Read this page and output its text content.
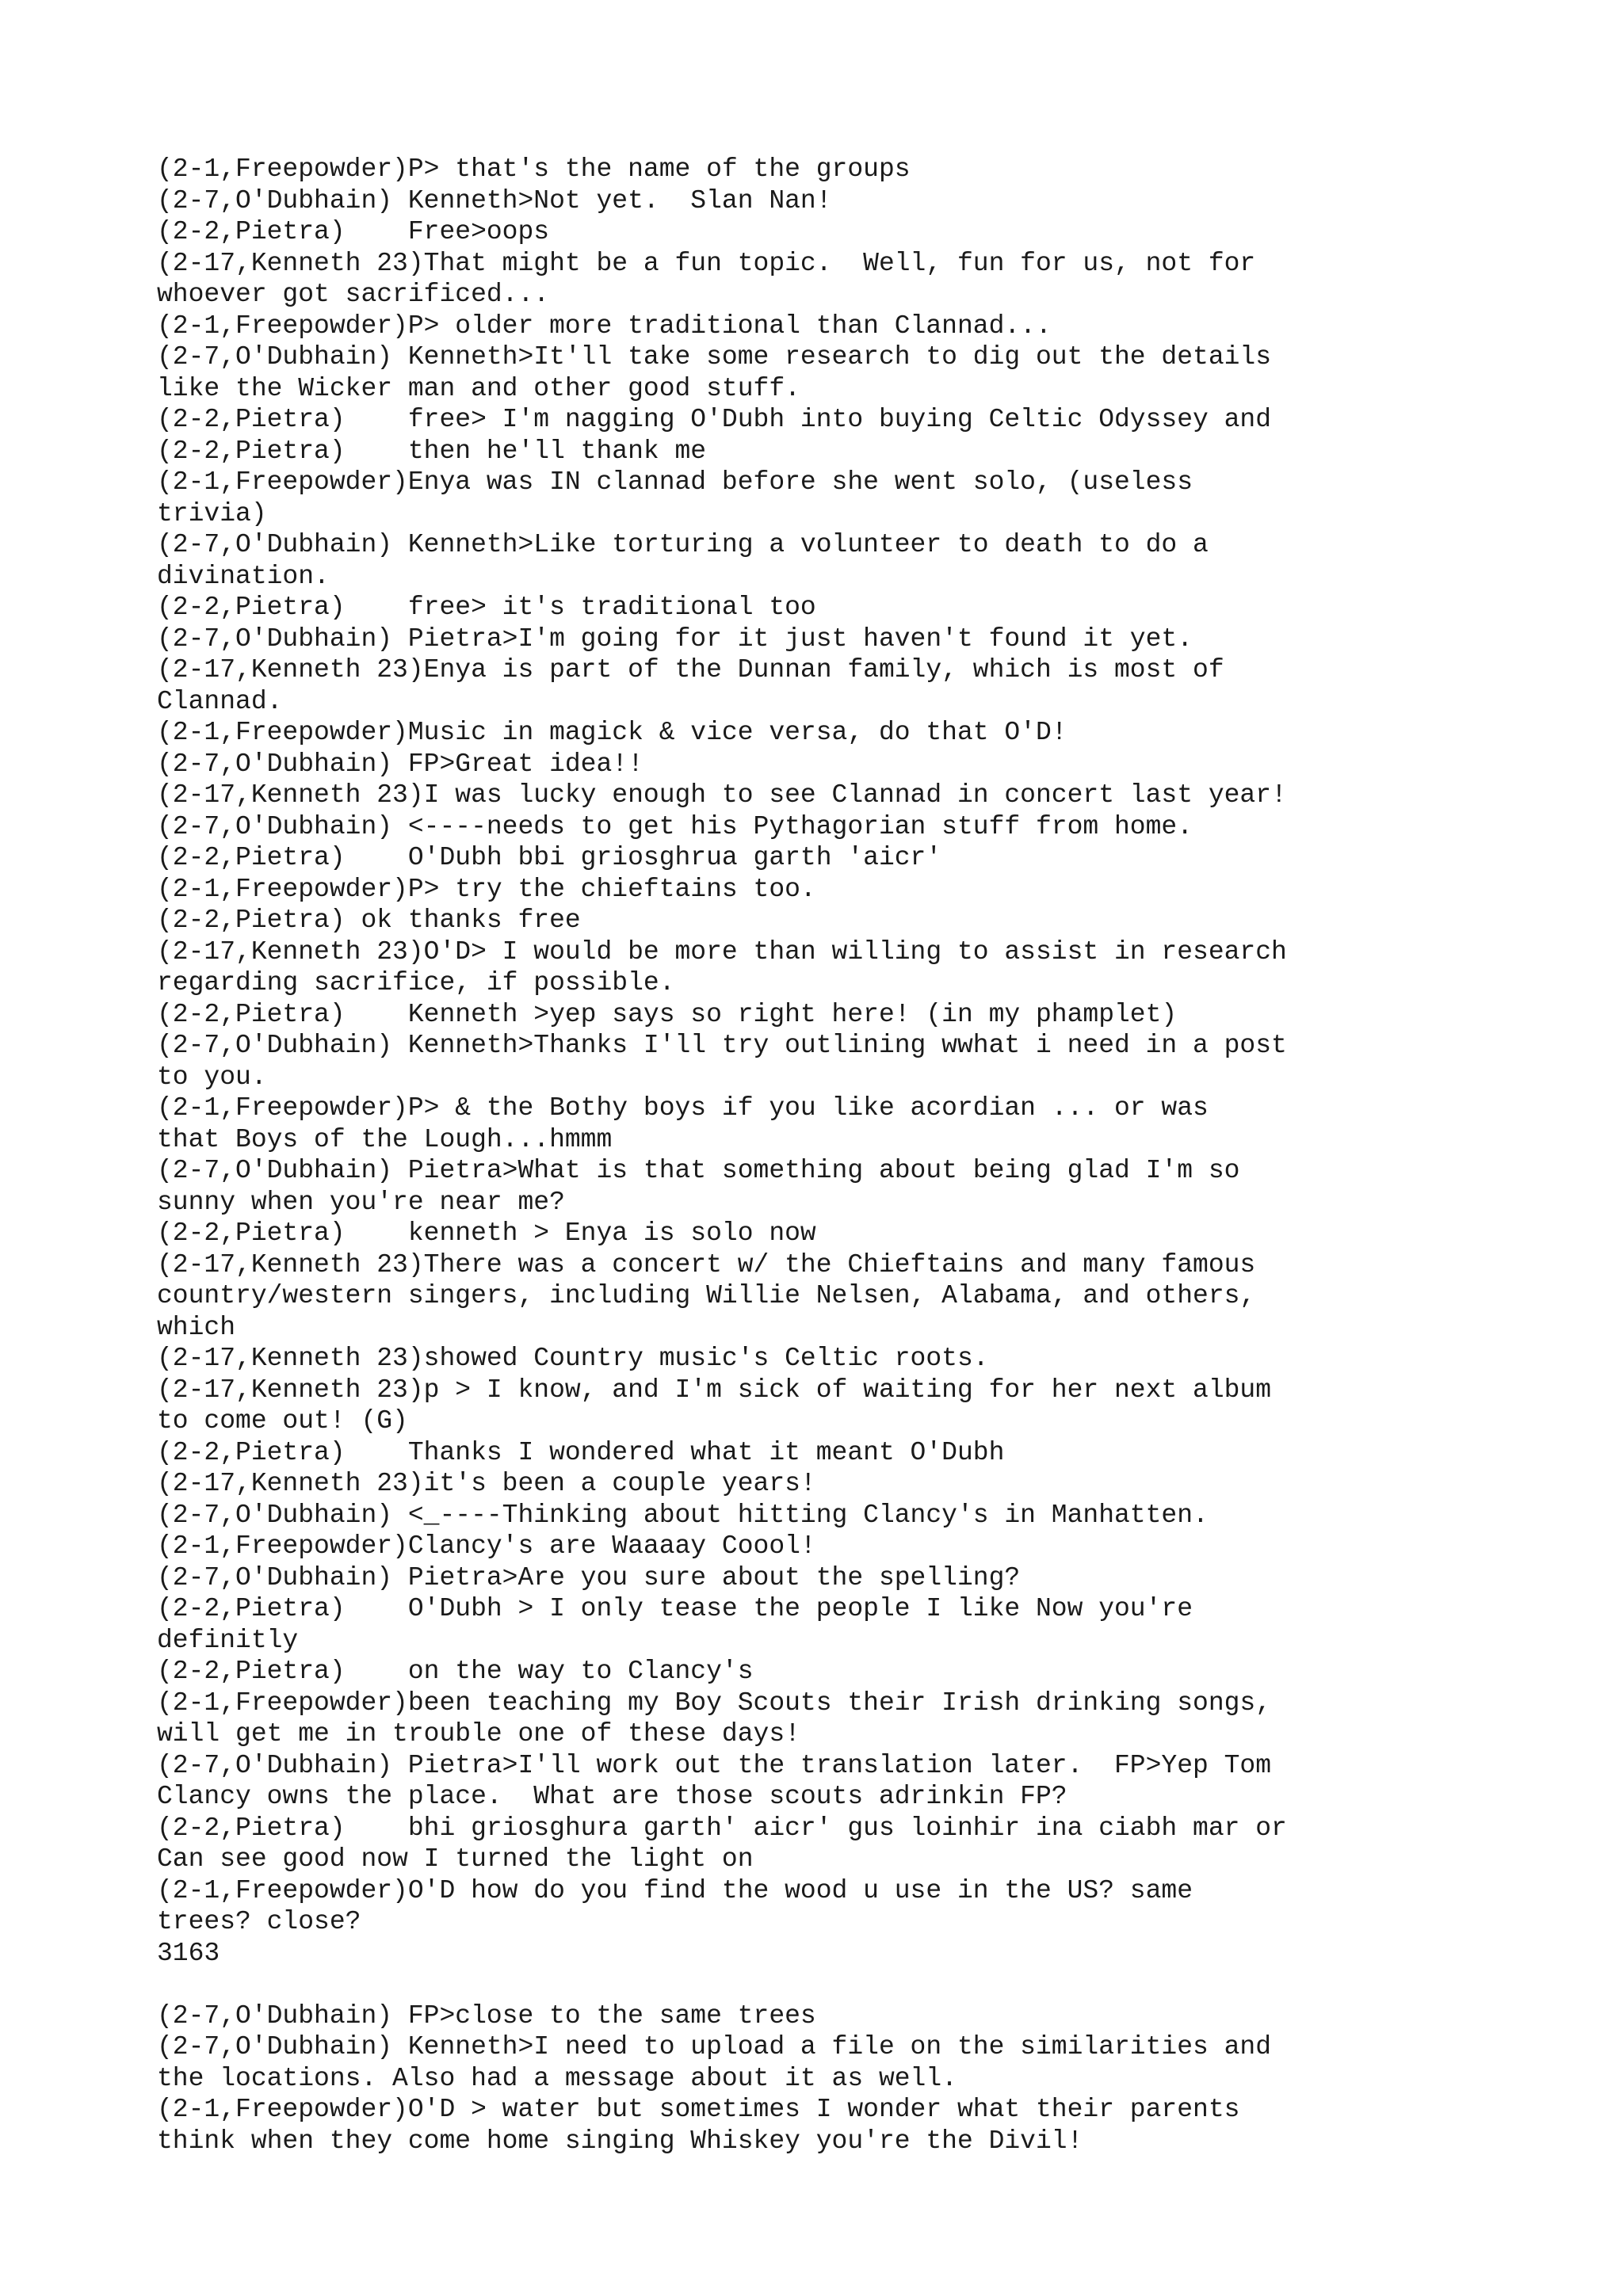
(2-1,Freepowder)P> that's the name of the groups
(2-7,O'Dubhain) Kenneth>Not yet.  Slan Nan!
(2-2,Pietra)    Free>oops
(2-17,Kenneth 23)That might be a fun topic.  Well, fun for us, not for
whoever got sacrificed...
(2-1,Freepowder)P> older more traditional than Clannad...
(2-7,O'Dubhain) Kenneth>It'll take some research to dig out the details
like the Wicker man and other good stuff.
(2-2,Pietra)    free> I'm nagging O'Dubh into buying Celtic Odyssey and
(2-2,Pietra)    then he'll thank me
(2-1,Freepowder)Enya was IN clannad before she went solo, (useless
trivia)
(2-7,O'Dubhain) Kenneth>Like torturing a volunteer to death to do a
divination.
(2-2,Pietra)    free> it's traditional too
(2-7,O'Dubhain) Pietra>I'm going for it just haven't found it yet.
(2-17,Kenneth 23)Enya is part of the Dunnan family, which is most of
Clannad.
(2-1,Freepowder)Music in magick & vice versa, do that O'D!
(2-7,O'Dubhain) FP>Great idea!!
(2-17,Kenneth 23)I was lucky enough to see Clannad in concert last year!
(2-7,O'Dubhain) <----needs to get his Pythagorian stuff from home.
(2-2,Pietra)    O'Dubh bbi griosghrua garth 'aicr'
(2-1,Freepowder)P> try the chieftains too.
(2-2,Pietra) ok thanks free
(2-17,Kenneth 23)O'D> I would be more than willing to assist in research
regarding sacrifice, if possible.
(2-2,Pietra)    Kenneth >yep says so right here! (in my phamplet)
(2-7,O'Dubhain) Kenneth>Thanks I'll try outlining wwhat i need in a post
to you.
(2-1,Freepowder)P> & the Bothy boys if you like acordian ... or was
that Boys of the Lough...hmmm
(2-7,O'Dubhain) Pietra>What is that something about being glad I'm so
sunny when you're near me?
(2-2,Pietra)    kenneth > Enya is solo now
(2-17,Kenneth 23)There was a concert w/ the Chieftains and many famous
country/western singers, including Willie Nelsen, Alabama, and others,
which
(2-17,Kenneth 23)showed Country music's Celtic roots.
(2-17,Kenneth 23)p > I know, and I'm sick of waiting for her next album
to come out! (G)
(2-2,Pietra)    Thanks I wondered what it meant O'Dubh
(2-17,Kenneth 23)it's been a couple years!
(2-7,O'Dubhain) <_----Thinking about hitting Clancy's in Manhatten.
(2-1,Freepowder)Clancy's are Waaaay Coool!
(2-7,O'Dubhain) Pietra>Are you sure about the spelling?
(2-2,Pietra)    O'Dubh > I only tease the people I like Now you're
definitly
(2-2,Pietra)    on the way to Clancy's
(2-1,Freepowder)been teaching my Boy Scouts their Irish drinking songs,
will get me in trouble one of these days!
(2-7,O'Dubhain) Pietra>I'll work out the translation later.  FP>Yep Tom
Clancy owns the place.  What are those scouts adrinkin FP?
(2-2,Pietra)    bhi griosghura garth' aicr' gus loinhir ina ciabh mar or
Can see good now I turned the light on
(2-1,Freepowder)O'D how do you find the wood u use in the US? same
trees? close?
3163
(2-7,O'Dubhain) FP>close to the same trees
(2-7,O'Dubhain) Kenneth>I need to upload a file on the similarities and
the locations. Also had a message about it as well.
(2-1,Freepowder)O'D > water but sometimes I wonder what their parents
think when they come home singing Whiskey you're the Divil!
